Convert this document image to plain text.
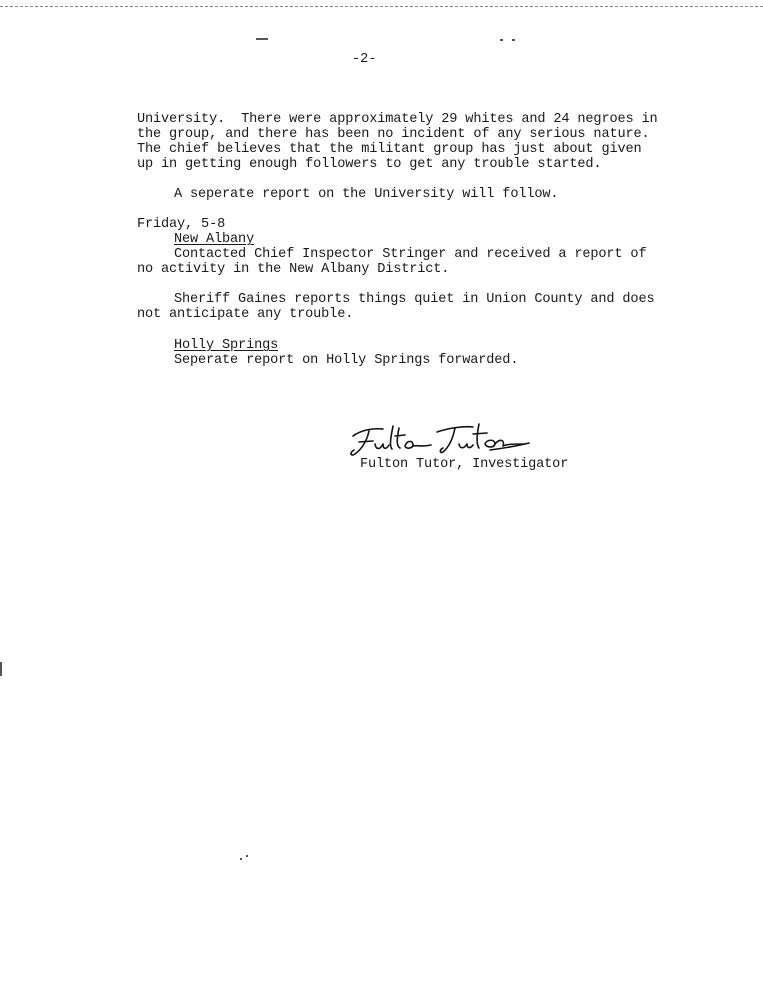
-2-
University.  There were approximately 29 whites and 24 negroes in
the group, and there has been no incident of any serious nature.
The chief believes that the militant group has just about given
up in getting enough followers to get any trouble started.
A seperate report on the University will follow.
Friday, 5-8
New Albany
Contacted Chief Inspector Stringer and received a report of
no activity in the New Albany District.
Sheriff Gaines reports things quiet in Union County and does
not anticipate any trouble.
Holly Springs
Seperate report on Holly Springs forwarded.
Fulton Tutor, Investigator
